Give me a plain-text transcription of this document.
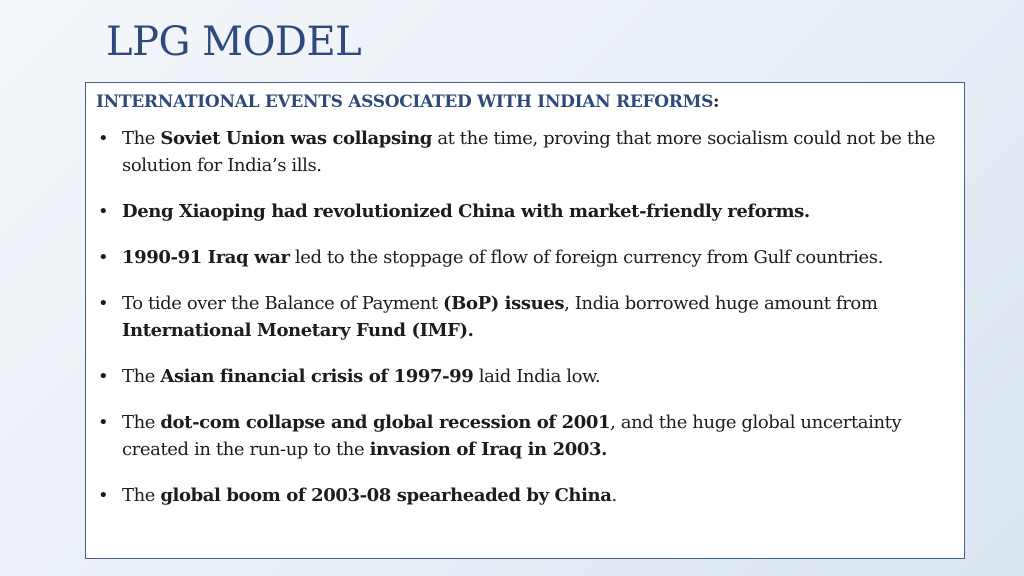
LPG MODEL
INTERNATIONAL EVENTS ASSOCIATED WITH INDIAN REFORMS:
• The Soviet Union was collapsing at the time, proving that more socialism could not be the solution for India’s ills.
• Deng Xiaoping had revolutionized China with market-friendly reforms.
• 1990-91 Iraq war led to the stoppage of flow of foreign currency from Gulf countries.
• To tide over the Balance of Payment (BoP) issues, India borrowed huge amount from International Monetary Fund (IMF).
• The Asian financial crisis of 1997-99 laid India low.
• The dot-com collapse and global recession of 2001, and the huge global uncertainty created in the run-up to the invasion of Iraq in 2003.
• The global boom of 2003-08 spearheaded by China.
